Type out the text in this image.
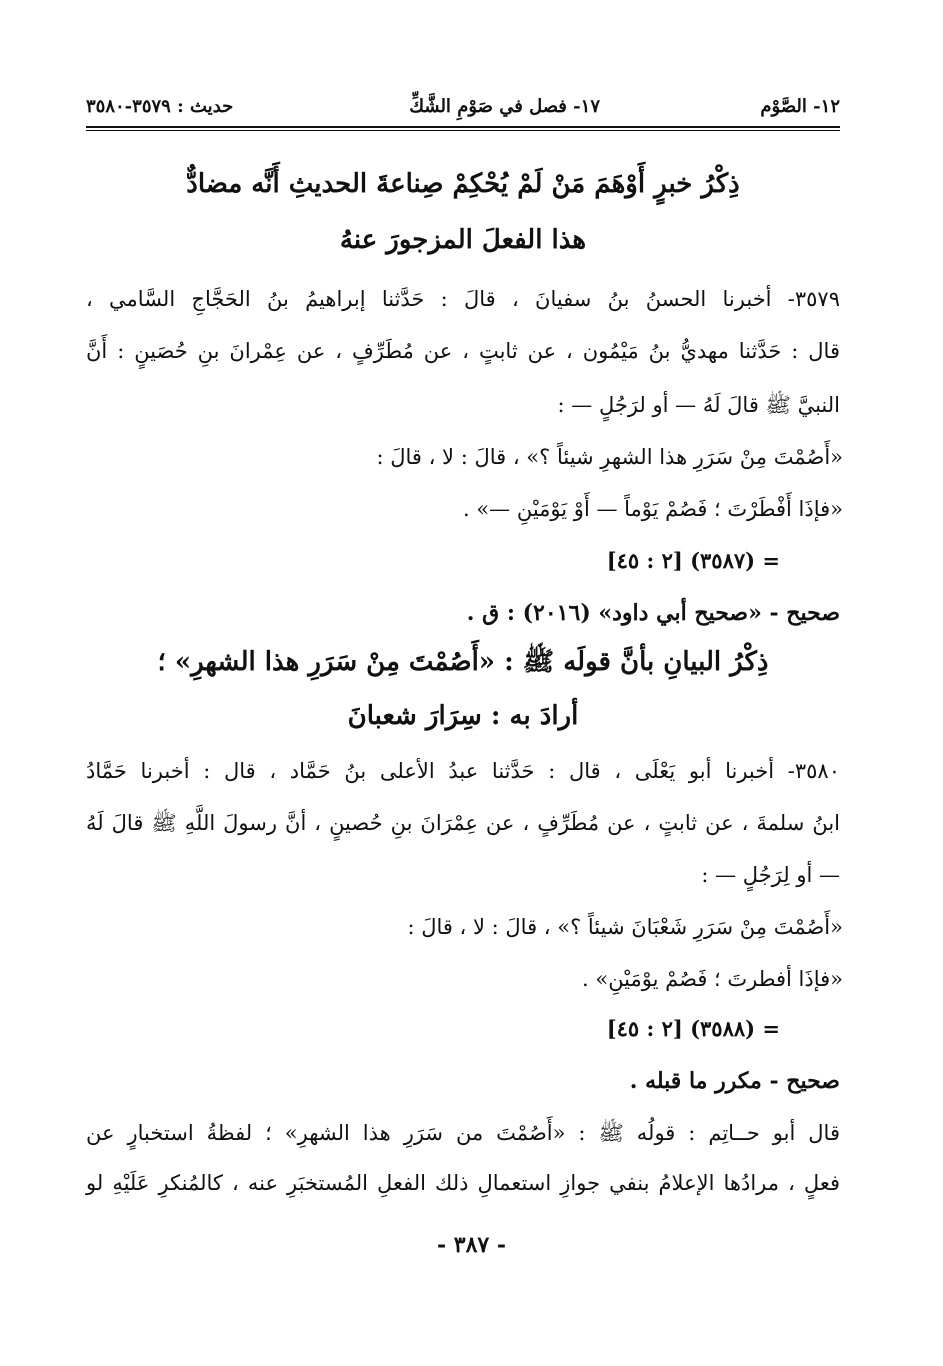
١٢- الصَّوْم
١٧- فصل في صَوْمِ الشَّكِّ
حديث : ٣٥٧٩-٣٥٨٠
ذِكْرُ خبرٍ أَوْهَمَ مَنْ لَمْ يُحْكِمْ صِناعةَ الحديثِ أَنَّه مضادٌّ
هذا الفعلَ المزجورَ عنهُ
٣٥٧٩- أخبرنا الحسنُ بنُ سفيانَ ، قالَ : حَدَّثنا إبراهيمُ بنُ الحَجَّاجِ السَّامي ،
قال : حَدَّثنا مهديُّ بنُ مَيْمُون ، عن ثابتٍ ، عن مُطَرِّفٍ ، عن عِمْرانَ بنِ حُصَينٍ : أَنَّ
النبيَّ ﷺ قالَ لَهُ — أو لرَجُلٍ — :
«أَصُمْتَ مِنْ سَرَرِ هذا الشهرِ شيئاً ؟» ، قالَ : لا ، قالَ :
«فإذَا أَفْطَرْتَ ؛ فَصُمْ يَوْماً — أَوْ يَوْمَيْنِ —» .
= (٣٥٨٧) [٢ : ٤٥]
صحيح - «صحيح أبي داود» (٢٠١٦) : ق .
ذِكْرُ البيانِ بأنَّ قولَه ﷺ : «أَصُمْتَ مِنْ سَرَرِ هذا الشهرِ» ؛
أرادَ به : سِرَارَ شعبانَ
٣٥٨٠- أخبرنا أبو يَعْلَى ، قال : حَدَّثنا عبدُ الأعلى بنُ حَمَّاد ، قال : أخبرنا حَمَّادُ
ابنُ سلمةَ ، عن ثابتٍ ، عن مُطَرِّفٍ ، عن عِمْرَانَ بنِ حُصينٍ ، أنَّ رسولَ اللَّهِ ﷺ قالَ لَهُ
— أو لِرَجُلٍ — :
«أَصُمْتَ مِنْ سَرَرِ شَعْبَانَ شيئاً ؟» ، قالَ : لا ، قالَ :
«فإذَا أفطرتَ ؛ فَصُمْ يوْمَيْنِ» .
= (٣٥٨٨) [٢ : ٤٥]
صحيح - مكرر ما قبله .
قال أبو حــاتِم : قولُه ﷺ : «أَصُمْتَ من سَرَرِ هذا الشهرِ» ؛ لفظةُ استخبارٍ عن
فعلٍ ، مرادُها الإعلامُ بنفي جوازِ استعمالِ ذلك الفعلِ المُستخبَرِ عنه ، كالمُنكرِ عَلَيْهِ لو
- ٣٨٧ -
